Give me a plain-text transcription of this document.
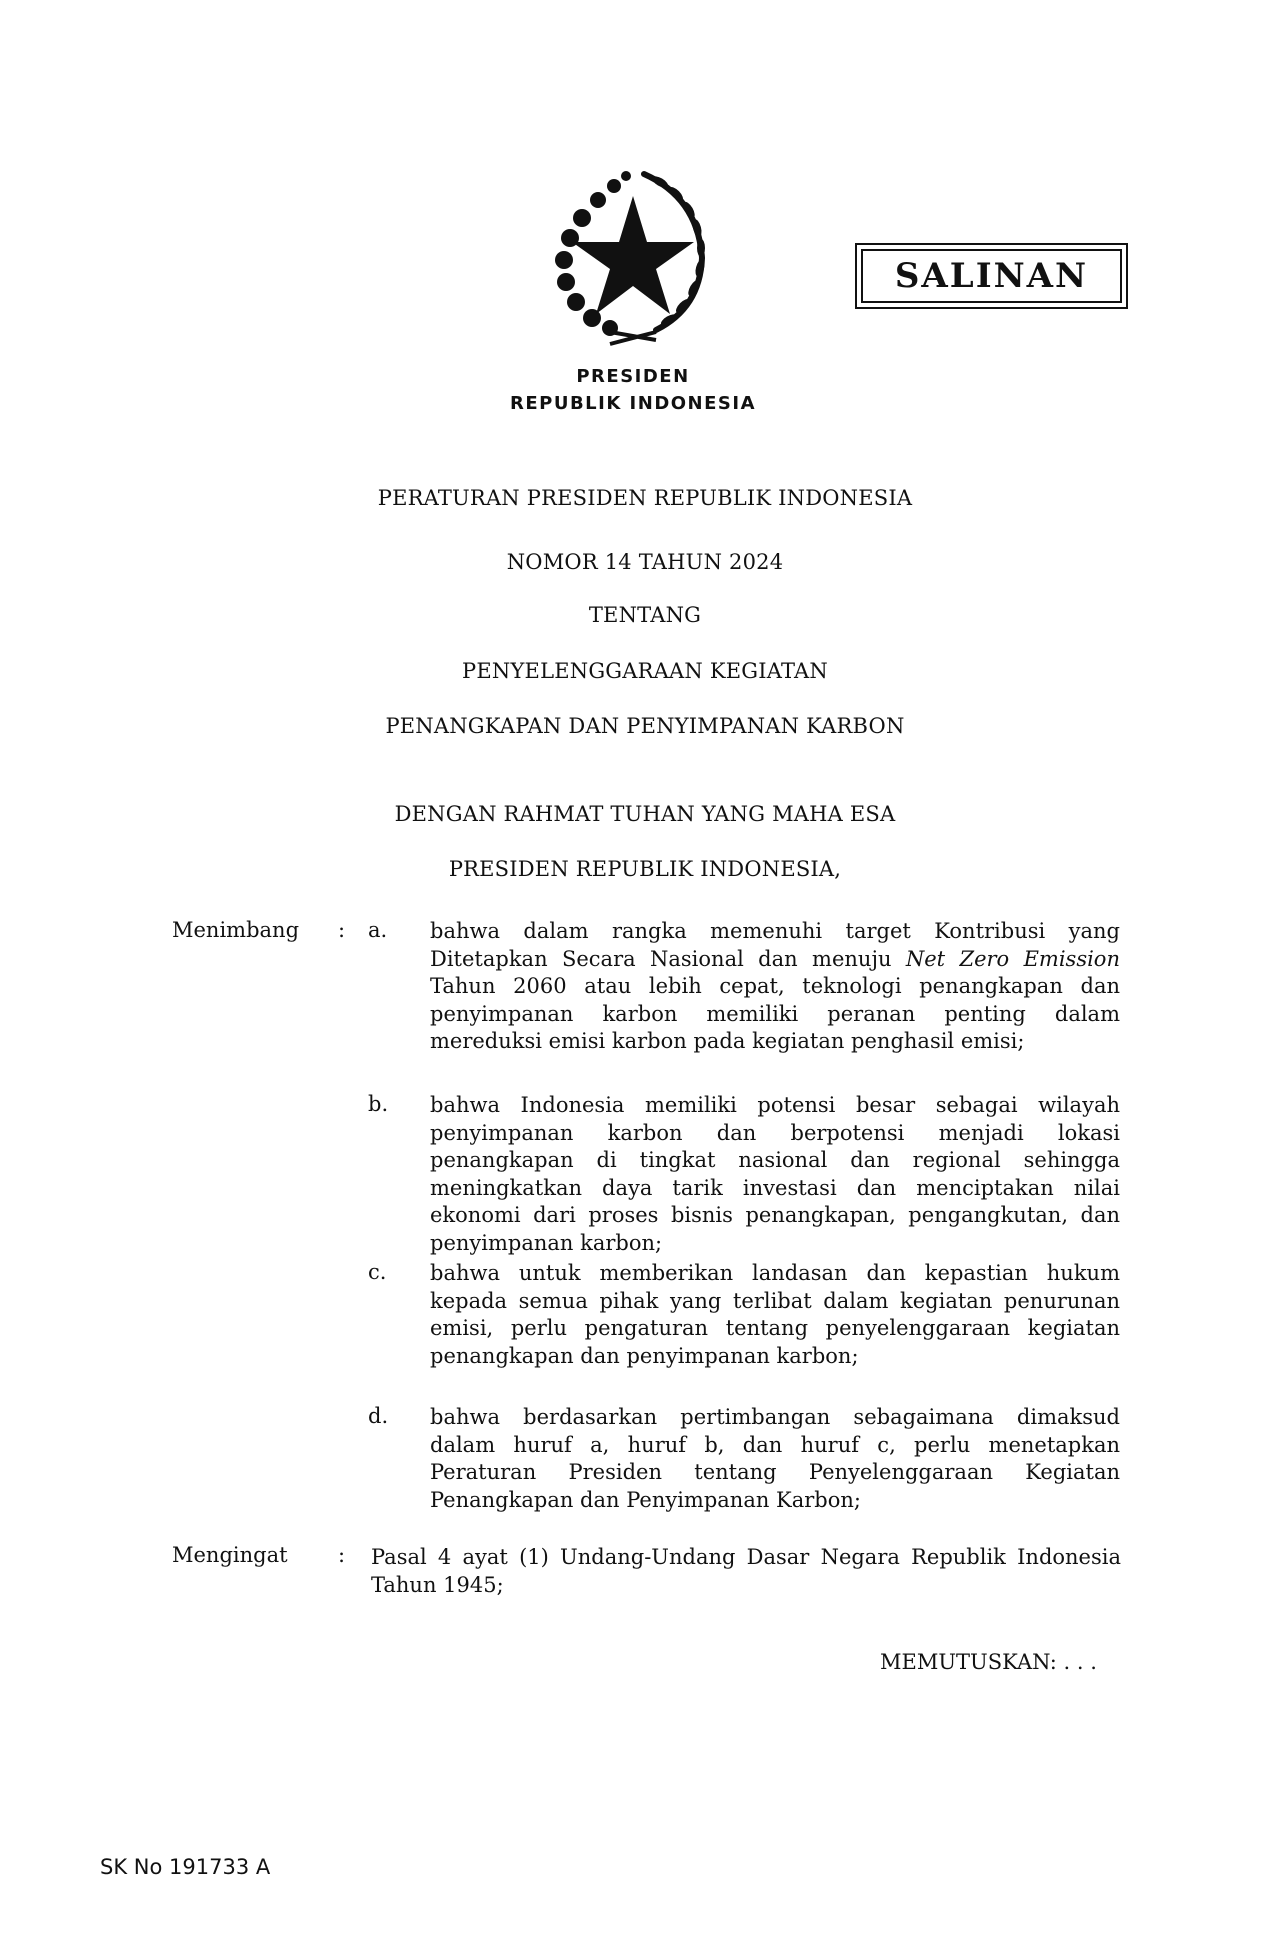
PRESIDEN
REPUBLIK INDONESIA
SALINAN
PERATURAN PRESIDEN REPUBLIK INDONESIA
NOMOR 14 TAHUN 2024
TENTANG
PENYELENGGARAAN KEGIATAN
PENANGKAPAN DAN PENYIMPANAN KARBON
DENGAN RAHMAT TUHAN YANG MAHA ESA
PRESIDEN REPUBLIK INDONESIA,
Menimbang : a. bahwa dalam rangka memenuhi target Kontribusi yang Ditetapkan Secara Nasional dan menuju Net Zero Emission Tahun 2060 atau lebih cepat, teknologi penangkapan dan penyimpanan karbon memiliki peranan penting dalam mereduksi emisi karbon pada kegiatan penghasil emisi;
b. bahwa Indonesia memiliki potensi besar sebagai wilayah penyimpanan karbon dan berpotensi menjadi lokasi penangkapan di tingkat nasional dan regional sehingga meningkatkan daya tarik investasi dan menciptakan nilai ekonomi dari proses bisnis penangkapan, pengangkutan, dan penyimpanan karbon;
c. bahwa untuk memberikan landasan dan kepastian hukum kepada semua pihak yang terlibat dalam kegiatan penurunan emisi, perlu pengaturan tentang penyelenggaraan kegiatan penangkapan dan penyimpanan karbon;
d. bahwa berdasarkan pertimbangan sebagaimana dimaksud dalam huruf a, huruf b, dan huruf c, perlu menetapkan Peraturan Presiden tentang Penyelenggaraan Kegiatan Penangkapan dan Penyimpanan Karbon;
Mengingat : Pasal 4 ayat (1) Undang-Undang Dasar Negara Republik Indonesia Tahun 1945;
MEMUTUSKAN: . . .
SK No 191733 A
